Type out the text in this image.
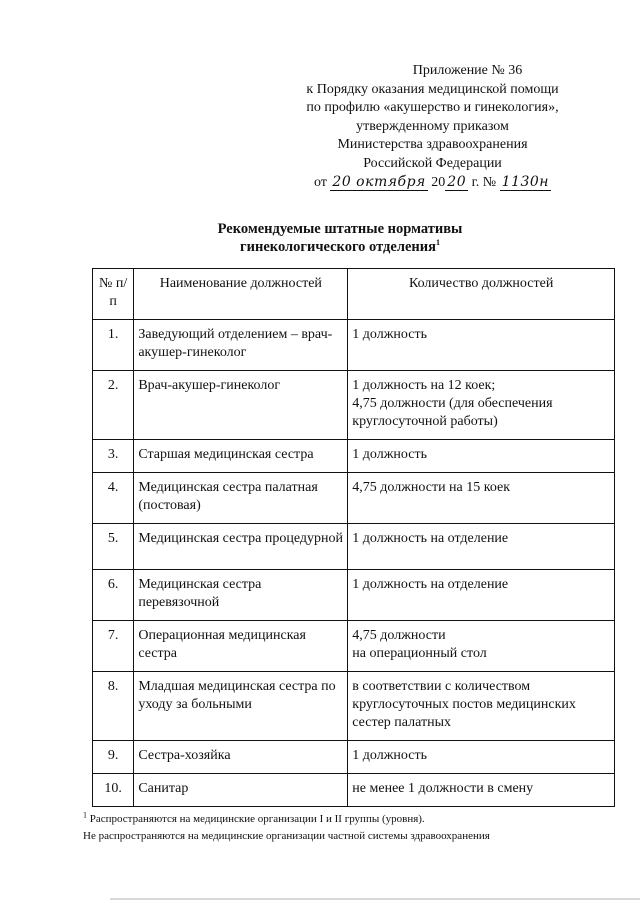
Приложение № 36
к Порядку оказания медицинской помощи
по профилю «акушерство и гинекология»,
утвержденному приказом
Министерства здравоохранения
Российской Федерации
от 20 октября 20 20 г. № 1130н
Рекомендуемые штатные нормативы
гинекологического отделения$^1$
№ п/п	Наименование должностей	Количество должностей
1.	Заведующий отделением – врач-акушер-гинеколог	1 должность
2.	Врач-акушер-гинеколог	1 должность на 12 коек;
4,75 должности (для обеспечения круглосуточной работы)

3.	Старшая медицинская сестра	1 должность
4.	Медицинская сестра палатная (постовая)	4,75 должности на 15 коек
5.	Медицинская сестра процедурной	1 должность на отделение
6.	Медицинская сестра перевязочной	1 должность на отделение
7.	Операционная медицинская сестра	4,75 должности
на операционный стол

8.	Младшая медицинская сестра по уходу за больными	в соответствии с количеством круглосуточных постов медицинских сестер палатных
9.	Сестра-хозяйка	1 должность
10.	Санитар	не менее 1 должности в смену
$^1$ Распространяются на медицинские организации I и II группы (уровня).
Не распространяются на медицинские организации частной системы здравоохранения
